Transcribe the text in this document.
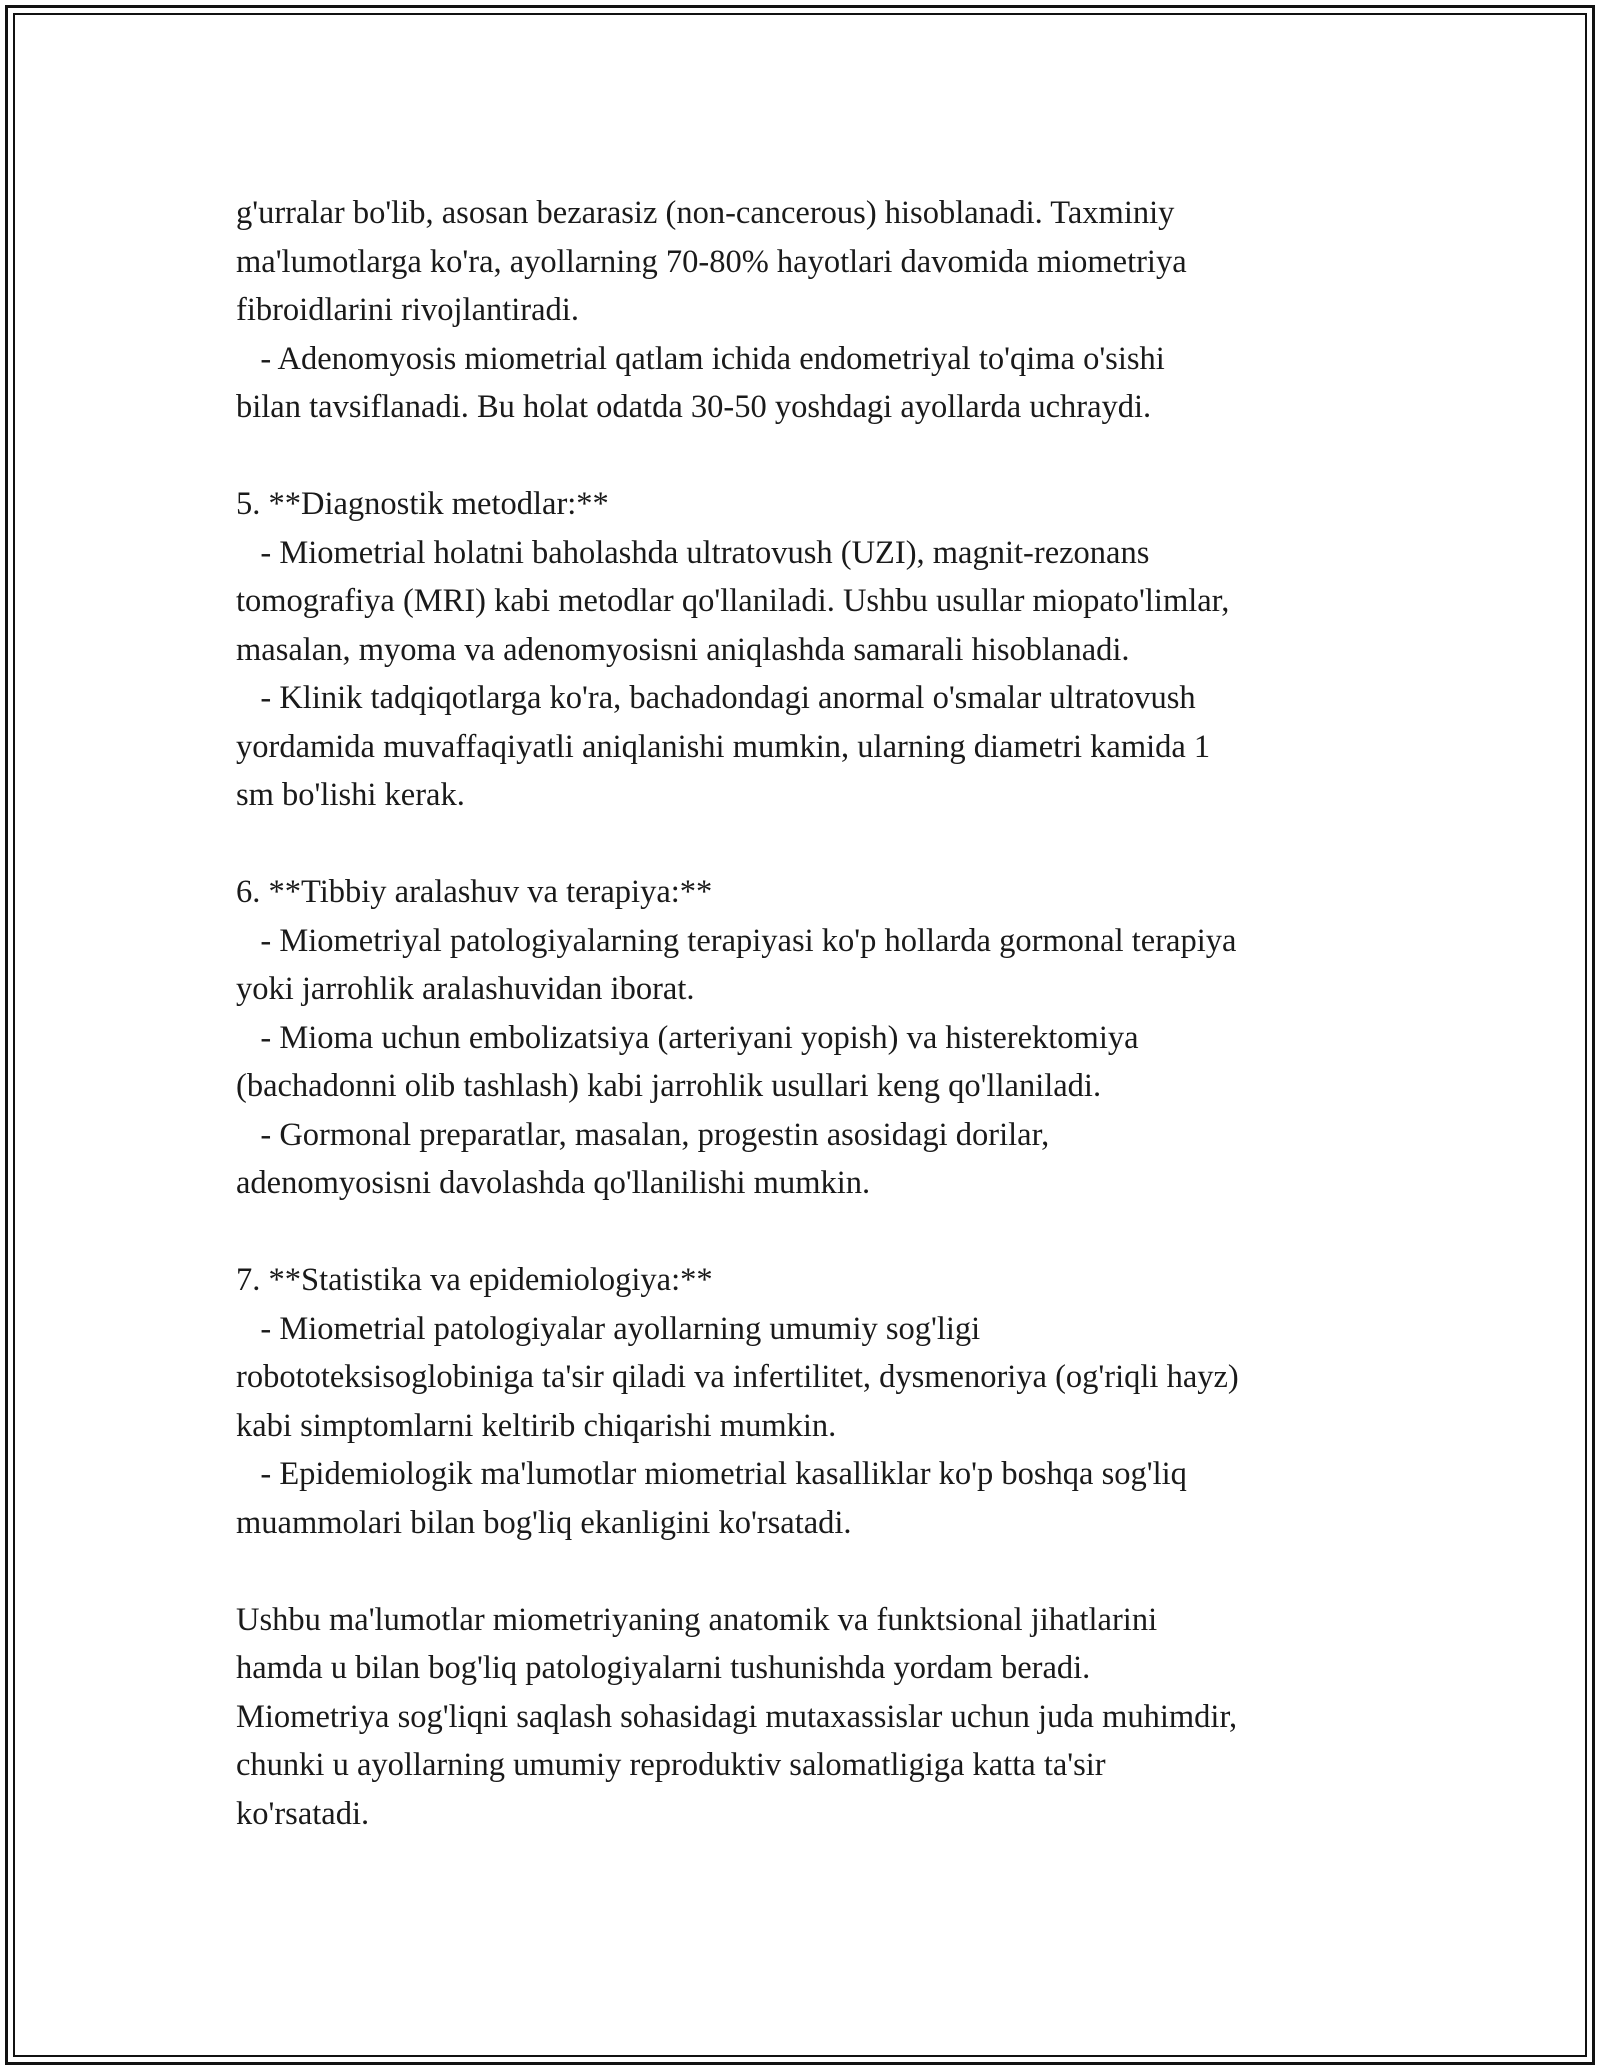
g'urralar bo'lib, asosan bezarasiz (non-cancerous) hisoblanadi. Taxminiy

ma'lumotlarga ko'ra, ayollarning 70-80% hayotlari davomida miometriya

fibroidlarini rivojlantiradi.

- Adenomyosis miometrial qatlam ichida endometriyal to'qima o'sishi

bilan tavsiflanadi. Bu holat odatda 30-50 yoshdagi ayollarda uchraydi.

5. **Diagnostik metodlar:**

- Miometrial holatni baholashda ultratovush (UZI), magnit-rezonans

tomografiya (MRI) kabi metodlar qo'llaniladi. Ushbu usullar miopato'limlar,

masalan, myoma va adenomyosisni aniqlashda samarali hisoblanadi.

- Klinik tadqiqotlarga ko'ra, bachadondagi anormal o'smalar ultratovush

yordamida muvaffaqiyatli aniqlanishi mumkin, ularning diametri kamida 1

sm bo'lishi kerak.

6. **Tibbiy aralashuv va terapiya:**

- Miometriyal patologiyalarning terapiyasi ko'p hollarda gormonal terapiya

yoki jarrohlik aralashuvidan iborat.

- Mioma uchun embolizatsiya (arteriyani yopish) va histerektomiya

(bachadonni olib tashlash) kabi jarrohlik usullari keng qo'llaniladi.

- Gormonal preparatlar, masalan, progestin asosidagi dorilar,

adenomyosisni davolashda qo'llanilishi mumkin.

7. **Statistika va epidemiologiya:**

- Miometrial patologiyalar ayollarning umumiy sog'ligi

robototeksisoglobiniga ta'sir qiladi va infertilitet, dysmenoriya (og'riqli hayz)

kabi simptomlarni keltirib chiqarishi mumkin.

- Epidemiologik ma'lumotlar miometrial kasalliklar ko'p boshqa sog'liq

muammolari bilan bog'liq ekanligini ko'rsatadi.

Ushbu ma'lumotlar miometriyaning anatomik va funktsional jihatlarini

hamda u bilan bog'liq patologiyalarni tushunishda yordam beradi.

Miometriya sog'liqni saqlash sohasidagi mutaxassislar uchun juda muhimdir,

chunki u ayollarning umumiy reproduktiv salomatligiga katta ta'sir

ko'rsatadi.
